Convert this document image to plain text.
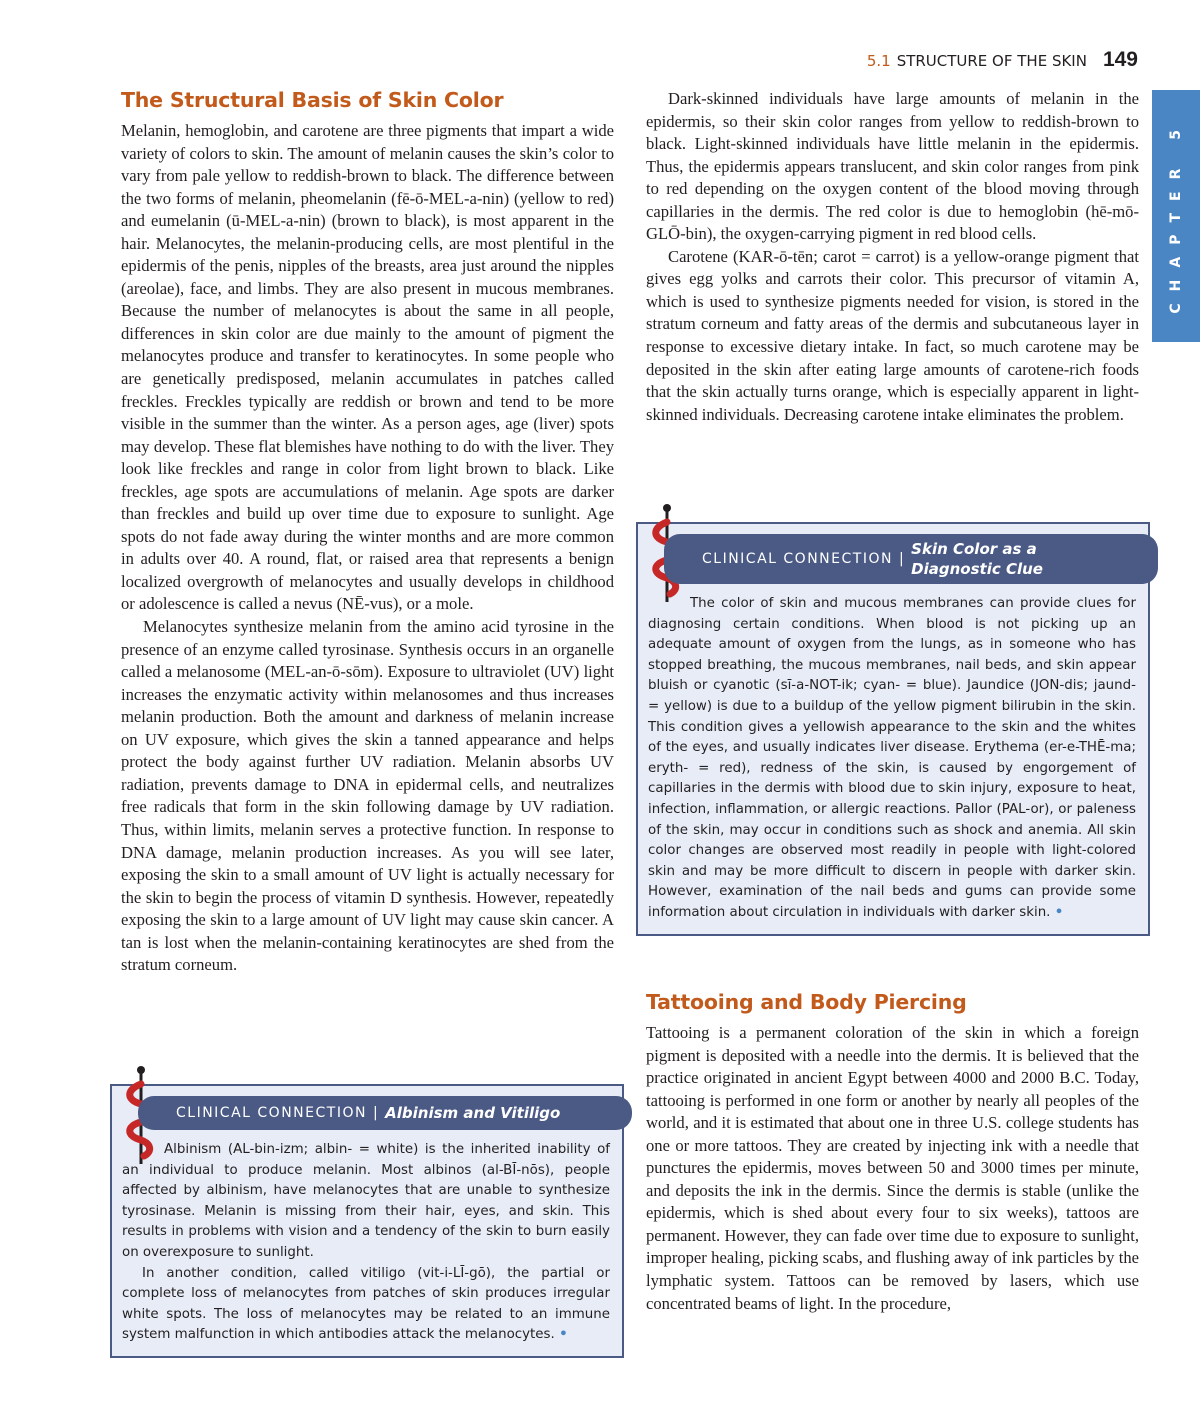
5.1 STRUCTURE OF THE SKIN 149
CHAPTER 5
The Structural Basis of Skin Color

Melanin, hemoglobin, and carotene are three pigments that impart a wide variety of colors to skin. The amount of melanin causes the skin’s color to vary from pale yellow to reddish-brown to black. The difference between the two forms of melanin, pheomelanin (fē-ō-MEL-a-nin) (yellow to red) and eumelanin (ū-MEL-a-nin) (brown to black), is most apparent in the hair. Melanocytes, the melanin-producing cells, are most plentiful in the epidermis of the penis, nipples of the breasts, area just around the nipples (areolae), face, and limbs. They are also present in mucous membranes. Because the number of melanocytes is about the same in all people, differences in skin color are due mainly to the amount of pigment the melanocytes produce and transfer to keratinocytes. In some people who are genetically predisposed, melanin accumulates in patches called freckles. Freckles typically are reddish or brown and tend to be more visible in the summer than the winter. As a person ages, age (liver) spots may develop. These flat blemishes have nothing to do with the liver. They look like freckles and range in color from light brown to black. Like freckles, age spots are accumulations of melanin. Age spots are darker than freckles and build up over time due to exposure to sunlight. Age spots do not fade away during the winter months and are more common in adults over 40. A round, flat, or raised area that represents a benign localized overgrowth of melanocytes and usually develops in childhood or adolescence is called a nevus (NĒ-vus), or a mole.

Melanocytes synthesize melanin from the amino acid tyrosine in the presence of an enzyme called tyrosinase. Synthesis occurs in an organelle called a melanosome (MEL-an-ō-sōm). Exposure to ultraviolet (UV) light increases the enzymatic activity within melanosomes and thus increases melanin production. Both the amount and darkness of melanin increase on UV exposure, which gives the skin a tanned appearance and helps protect the body against further UV radiation. Melanin absorbs UV radiation, prevents damage to DNA in epidermal cells, and neutralizes free radicals that form in the skin following damage by UV radiation. Thus, within limits, melanin serves a protective function. In response to DNA damage, melanin production increases. As you will see later, exposing the skin to a small amount of UV light is actually necessary for the skin to begin the process of vitamin D synthesis. However, repeatedly exposing the skin to a large amount of UV light may cause skin cancer. A tan is lost when the melanin-containing keratinocytes are shed from the stratum corneum.

CLINICAL CONNECTION | Albinism and Vitiligo

Albinism (AL-bin-izm; albin- = white) is the inherited inability of an individual to produce melanin. Most albinos (al-BĪ-nōs), people affected by albinism, have melanocytes that are unable to synthesize tyrosinase. Melanin is missing from their hair, eyes, and skin. This results in problems with vision and a tendency of the skin to burn easily on overexposure to sunlight.

In another condition, called vitiligo (vit-i-LĪ-gō), the partial or complete loss of melanocytes from patches of skin produces irregular white spots. The loss of melanocytes may be related to an immune system malfunction in which antibodies attack the melanocytes. •

Dark-skinned individuals have large amounts of melanin in the epidermis, so their skin color ranges from yellow to reddish-brown to black. Light-skinned individuals have little melanin in the epidermis. Thus, the epidermis appears translucent, and skin color ranges from pink to red depending on the oxygen content of the blood moving through capillaries in the dermis. The red color is due to hemoglobin (hē-mō-GLŌ-bin), the oxygen-carrying pigment in red blood cells.

Carotene (KAR-ō-tēn; carot = carrot) is a yellow-orange pigment that gives egg yolks and carrots their color. This precursor of vitamin A, which is used to synthesize pigments needed for vision, is stored in the stratum corneum and fatty areas of the dermis and subcutaneous layer in response to excessive dietary intake. In fact, so much carotene may be deposited in the skin after eating large amounts of carotene-rich foods that the skin actually turns orange, which is especially apparent in light-skinned individuals. Decreasing carotene intake eliminates the problem.

CLINICAL CONNECTION |
Skin Color as a
Diagnostic Clue

The color of skin and mucous membranes can provide clues for diagnosing certain conditions. When blood is not picking up an adequate amount of oxygen from the lungs, as in someone who has stopped breathing, the mucous membranes, nail beds, and skin appear bluish or cyanotic (sī-a-NOT-ik; cyan- = blue). Jaundice (JON-dis; jaund- = yellow) is due to a buildup of the yellow pigment bilirubin in the skin. This condition gives a yellowish appearance to the skin and the whites of the eyes, and usually indicates liver disease. Erythema (er-e-THĒ-ma; eryth- = red), redness of the skin, is caused by engorgement of capillaries in the dermis with blood due to skin injury, exposure to heat, infection, inflammation, or allergic reactions. Pallor (PAL-or), or paleness of the skin, may occur in conditions such as shock and anemia. All skin color changes are observed most readily in people with light-colored skin and may be more difficult to discern in people with darker skin. However, examination of the nail beds and gums can provide some information about circulation in individuals with darker skin. •

Tattooing and Body Piercing

Tattooing is a permanent coloration of the skin in which a foreign pigment is deposited with a needle into the dermis. It is believed that the practice originated in ancient Egypt between 4000 and 2000 B.C. Today, tattooing is performed in one form or another by nearly all peoples of the world, and it is estimated that about one in three U.S. college students has one or more tattoos. They are created by injecting ink with a needle that punctures the epidermis, moves between 50 and 3000 times per minute, and deposits the ink in the dermis. Since the dermis is stable (unlike the epidermis, which is shed about every four to six weeks), tattoos are permanent. However, they can fade over time due to exposure to sunlight, improper healing, picking scabs, and flushing away of ink particles by the lymphatic system. Tattoos can be removed by lasers, which use concentrated beams of light. In the procedure,
